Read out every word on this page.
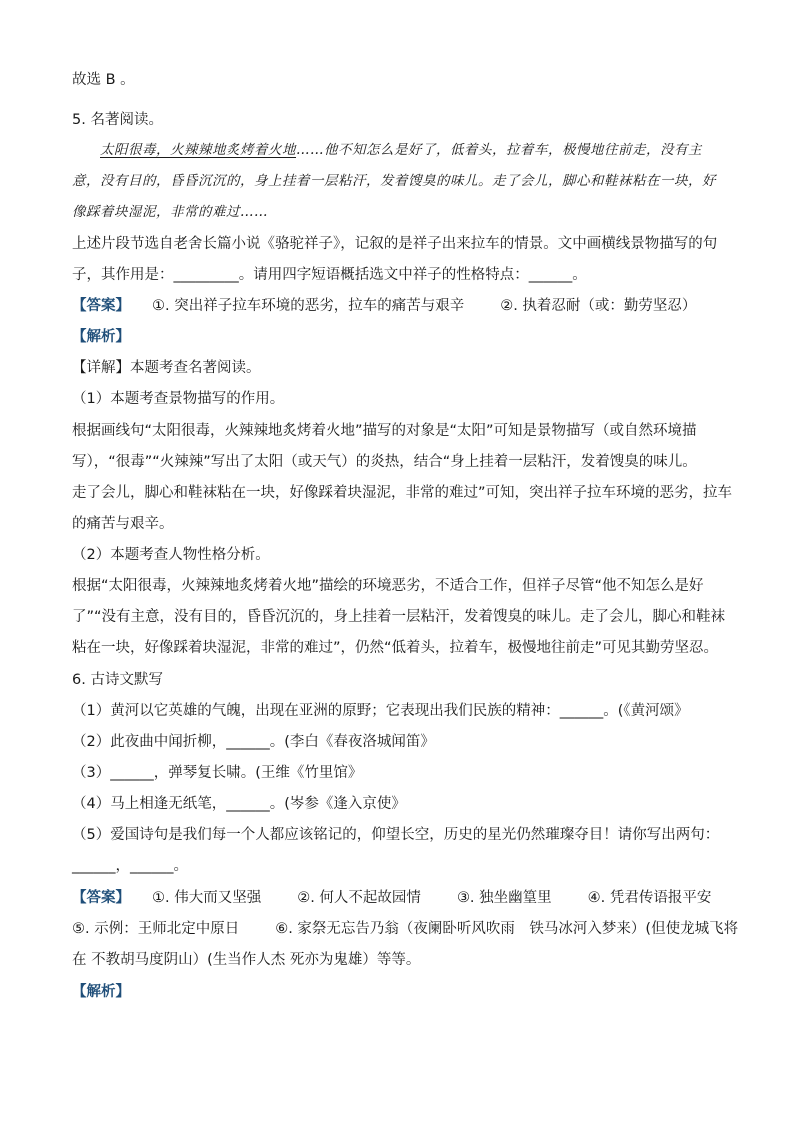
故选 B 。
5. 名著阅读。
太阳很毒，火辣辣地炙烤着火地……他不知怎么是好了，低着头，拉着车，极慢地往前走，没有主
意，没有目的，昏昏沉沉的，身上挂着一层粘汗，发着馊臭的味儿。走了会儿，脚心和鞋袜粘在一块，好
像踩着块湿泥，非常的难过……
上述片段节选自老舍长篇小说《骆驼祥子》，记叙的是祥子出来拉车的情景。文中画横线景物描写的句
子，其作用是：_________。请用四字短语概括选文中祥子的性格特点：______。
【答案】 ①. 突出祥子拉车环境的恶劣，拉车的痛苦与艰辛 ②. 执着忍耐（或：勤劳坚忍）
【解析】
【详解】本题考查名著阅读。
（1）本题考查景物描写的作用。
根据画线句“太阳很毒，火辣辣地炙烤着火地”描写的对象是“太阳”可知是景物描写（或自然环境描
写），“很毒”“火辣辣”写出了太阳（或天气）的炎热，结合“身上挂着一层粘汗，发着馊臭的味儿。
走了会儿，脚心和鞋袜粘在一块，好像踩着块湿泥，非常的难过”可知，突出祥子拉车环境的恶劣，拉车
的痛苦与艰辛。
（2）本题考查人物性格分析。
根据“太阳很毒，火辣辣地炙烤着火地”描绘的环境恶劣，不适合工作，但祥子尽管“他不知怎么是好
了”“没有主意，没有目的，昏昏沉沉的，身上挂着一层粘汗，发着馊臭的味儿。走了会儿，脚心和鞋袜
粘在一块，好像踩着块湿泥，非常的难过”，仍然“低着头，拉着车，极慢地往前走”可见其勤劳坚忍。
6. 古诗文默写
（1）黄河以它英雄的气魄，出现在亚洲的原野；它表现出我们民族的精神：______。(《黄河颂》
（2）此夜曲中闻折柳，______。(李白《春夜洛城闻笛》
（3）______，弹琴复长啸。(王维《竹里馆》
（4）马上相逢无纸笔，______。(岑参《逢入京使》
（5）爱国诗句是我们每一个人都应该铭记的，仰望长空，历史的星光仍然璀璨夺目！请你写出两句：
______，______。
【答案】 ①. 伟大而又坚强 ②. 何人不起故园情 ③. 独坐幽篁里 ④. 凭君传语报平安
⑤. 示例：王师北定中原日 ⑥. 家祭无忘告乃翁（夜阑卧听风吹雨　铁马冰河入梦来）(但使龙城飞将
在 不教胡马度阴山）(生当作人杰 死亦为鬼雄）等等。
【解析】
